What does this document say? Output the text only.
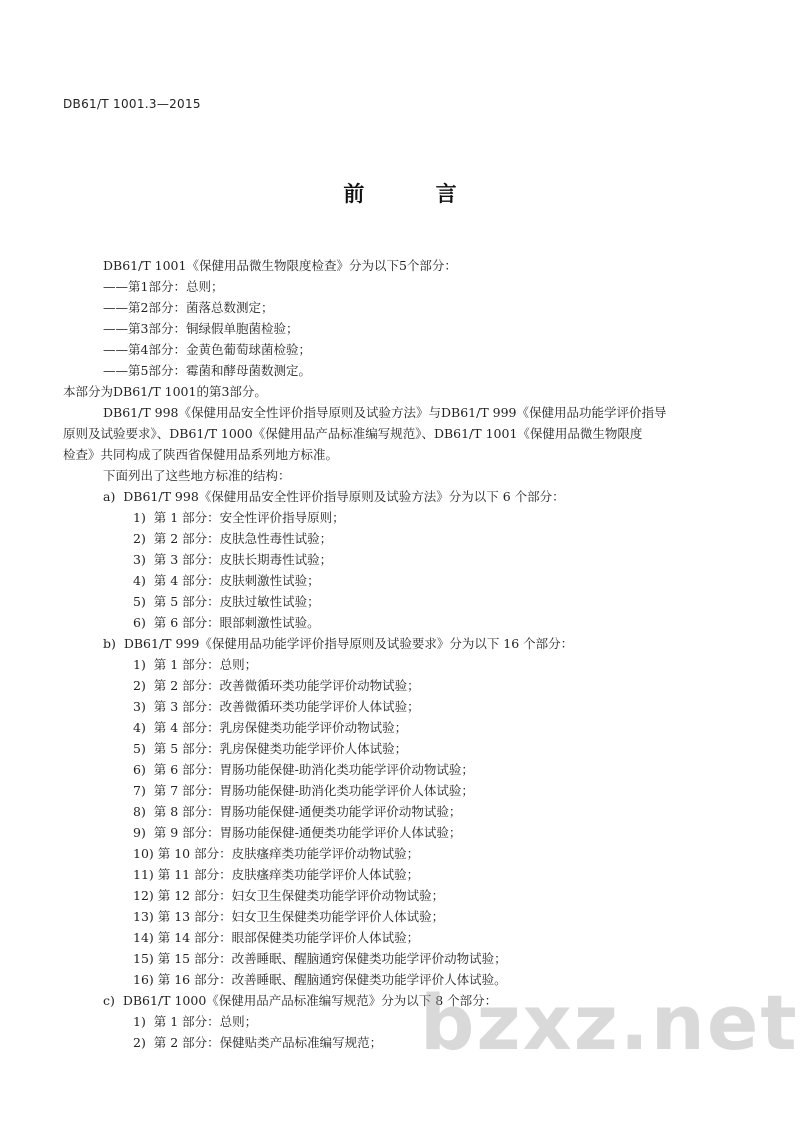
DB61/T 1001.3—2015
前 言
DB61/T 1001《保健用品微生物限度检查》分为以下5个部分：
——第1部分：总则；
——第2部分：菌落总数测定；
——第3部分：铜绿假单胞菌检验；
——第4部分：金黄色葡萄球菌检验；
——第5部分：霉菌和酵母菌数测定。
本部分为DB61/T 1001的第3部分。
DB61/T 998《保健用品安全性评价指导原则及试验方法》与DB61/T 999《保健用品功能学评价指导
原则及试验要求》、DB61/T 1000《保健用品产品标准编写规范》、DB61/T 1001《保健用品微生物限度
检查》共同构成了陕西省保健用品系列地方标准。
下面列出了这些地方标准的结构：
a)  DB61/T 998《保健用品安全性评价指导原则及试验方法》分为以下 6 个部分：
1)  第 1 部分：安全性评价指导原则；
2)  第 2 部分：皮肤急性毒性试验；
3)  第 3 部分：皮肤长期毒性试验；
4)  第 4 部分：皮肤刺激性试验；
5)  第 5 部分：皮肤过敏性试验；
6)  第 6 部分：眼部刺激性试验。
b)  DB61/T 999《保健用品功能学评价指导原则及试验要求》分为以下 16 个部分：
1)  第 1 部分：总则；
2)  第 2 部分：改善微循环类功能学评价动物试验；
3)  第 3 部分：改善微循环类功能学评价人体试验；
4)  第 4 部分：乳房保健类功能学评价动物试验；
5)  第 5 部分：乳房保健类功能学评价人体试验；
6)  第 6 部分：胃肠功能保健-助消化类功能学评价动物试验；
7)  第 7 部分：胃肠功能保健-助消化类功能学评价人体试验；
8)  第 8 部分：胃肠功能保健-通便类功能学评价动物试验；
9)  第 9 部分：胃肠功能保健-通便类功能学评价人体试验；
10) 第 10 部分：皮肤瘙痒类功能学评价动物试验；
11) 第 11 部分：皮肤瘙痒类功能学评价人体试验；
12) 第 12 部分：妇女卫生保健类功能学评价动物试验；
13) 第 13 部分：妇女卫生保健类功能学评价人体试验；
14) 第 14 部分：眼部保健类功能学评价人体试验；
15) 第 15 部分：改善睡眠、醒脑通窍保健类功能学评价动物试验；
16) 第 16 部分：改善睡眠、醒脑通窍保健类功能学评价人体试验。
c)  DB61/T 1000《保健用品产品标准编写规范》分为以下 8 个部分：
1)  第 1 部分：总则；
2)  第 2 部分：保健贴类产品标准编写规范； bzxz.net
